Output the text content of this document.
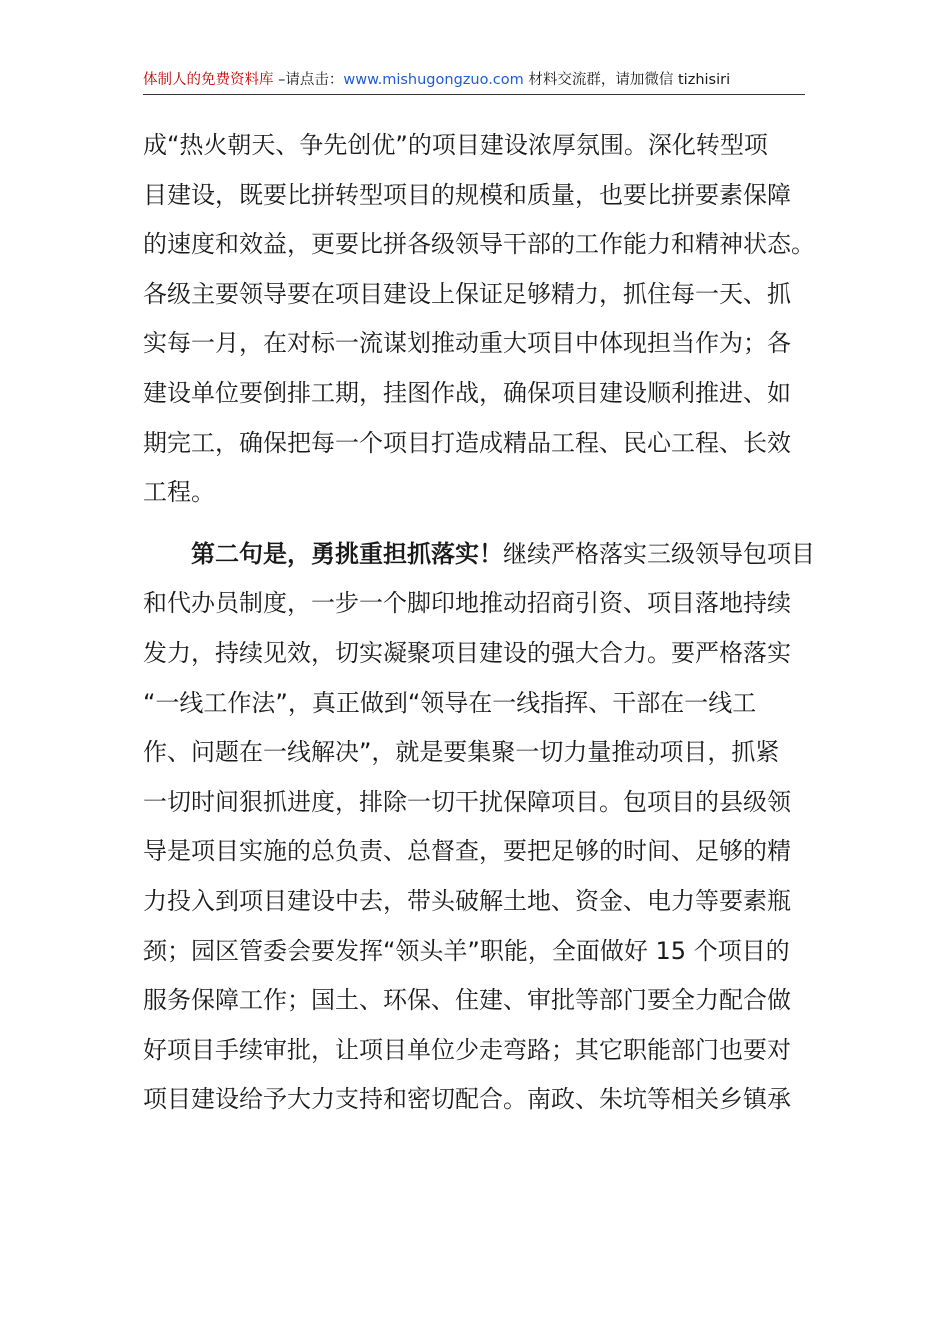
体制人的免费资料库 –请点击：www.mishugongzuo.com 材料交流群，请加微信 tizhisiri
成“热火朝天、争先创优”的项目建设浓厚氛围。深化转型项
目建设，既要比拼转型项目的规模和质量，也要比拼要素保障
的速度和效益，更要比拼各级领导干部的工作能力和精神状态。
各级主要领导要在项目建设上保证足够精力，抓住每一天、抓
实每一月，在对标一流谋划推动重大项目中体现担当作为；各
建设单位要倒排工期，挂图作战，确保项目建设顺利推进、如
期完工，确保把每一个项目打造成精品工程、民心工程、长效
工程。
第二句是，勇挑重担抓落实！继续严格落实三级领导包项目
和代办员制度，一步一个脚印地推动招商引资、项目落地持续
发力，持续见效，切实凝聚项目建设的强大合力。要严格落实
“一线工作法”，真正做到“领导在一线指挥、干部在一线工
作、问题在一线解决”，就是要集聚一切力量推动项目，抓紧
一切时间狠抓进度，排除一切干扰保障项目。包项目的县级领
导是项目实施的总负责、总督查，要把足够的时间、足够的精
力投入到项目建设中去，带头破解土地、资金、电力等要素瓶
颈；园区管委会要发挥“领头羊”职能，全面做好 15 个项目的
服务保障工作；国土、环保、住建、审批等部门要全力配合做
好项目手续审批，让项目单位少走弯路；其它职能部门也要对
项目建设给予大力支持和密切配合。南政、朱坑等相关乡镇承
